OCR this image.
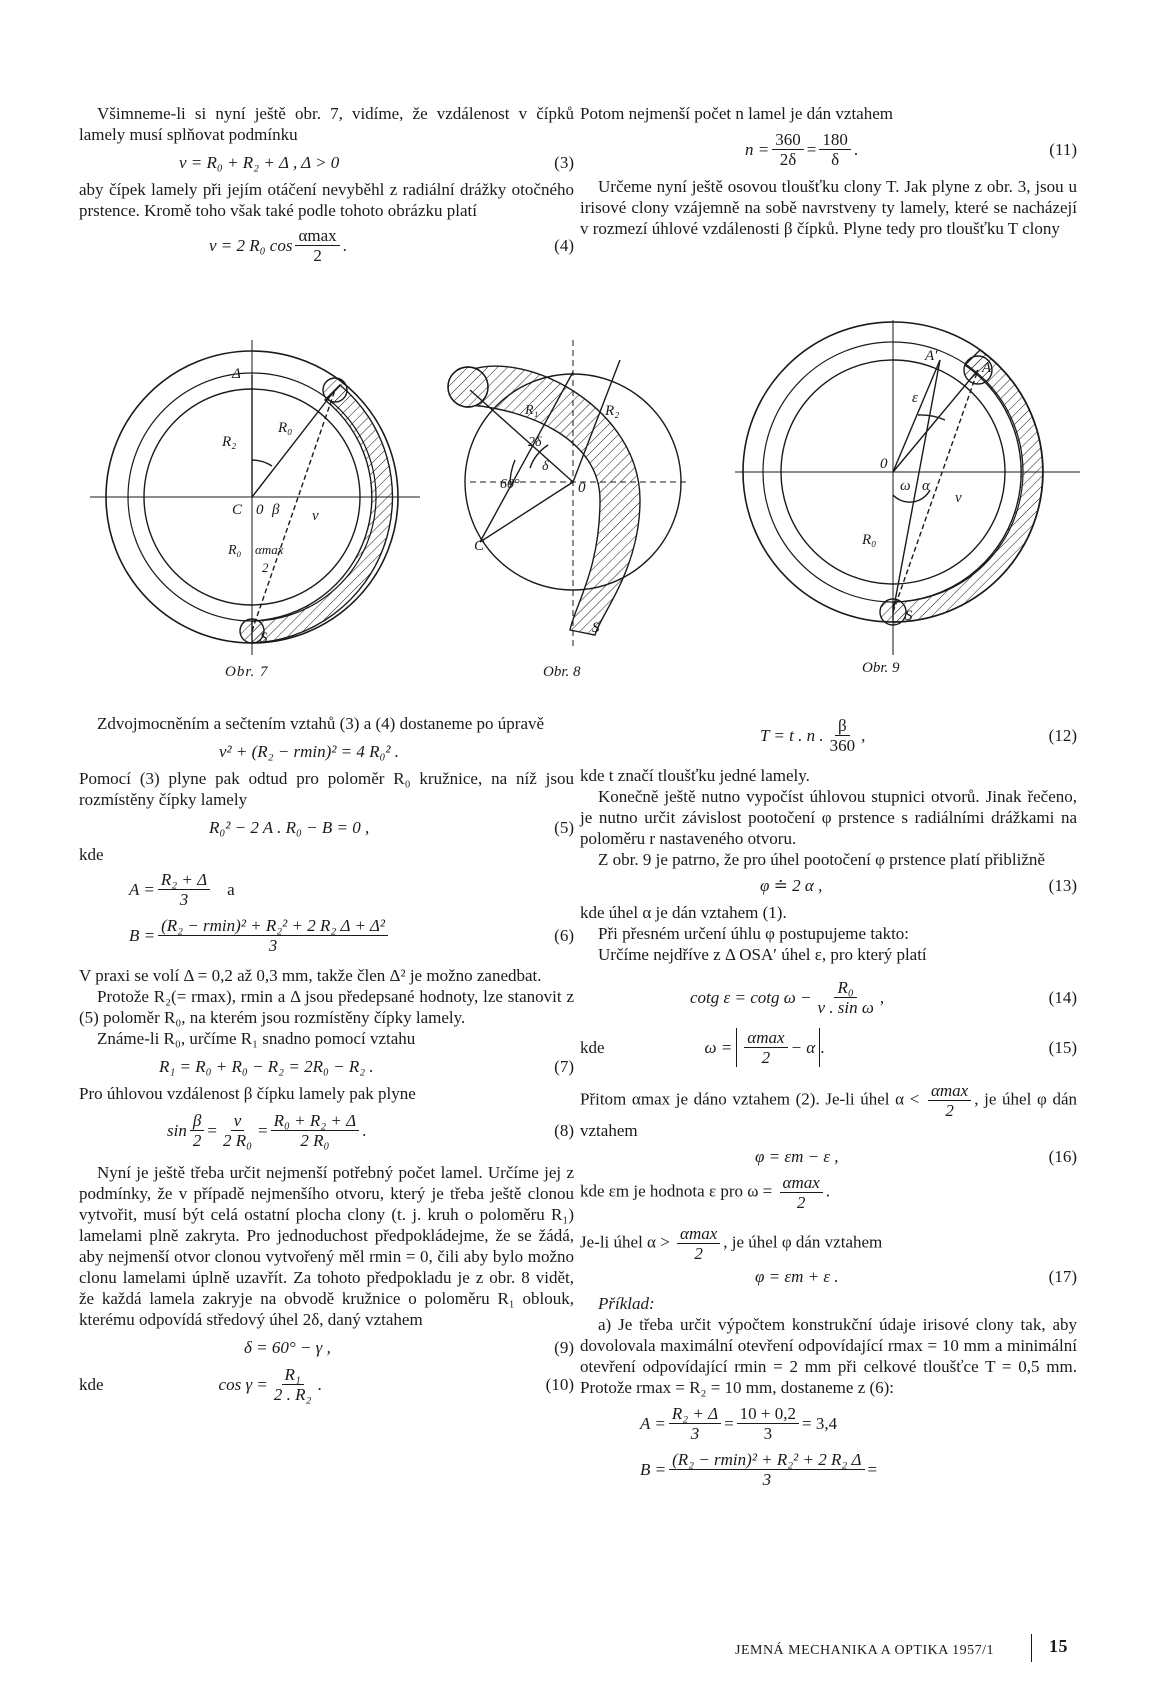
Všimneme-li si nyní ještě obr. 7, vidíme, že vzdálenost v čípků lamely musí splňovat podmínku

v = R₀ + R₂ + Δ , Δ > 0	(3)

aby čípek lamely při jejím otáčení nevyběhl z radiální drážky otočného prstence. Kromě toho však také podle tohoto obrázku platí

v = 2 R₀ $\cos \frac{\alpha\max}{2}$ .	(4)

Potom nejmenší počet n lamel je dán vztahem

$n = \frac{360}{2\delta} = \frac{180}{\delta}$ .	(11)

Určeme nyní ještě osovou tloušťku clony T. Jak plyne z obr. 3, jsou u irisové clony vzájemně na sobě navrstveny ty lamely, které se nacházejí v rozmezí úhlové vzdálenosti β čípků. Plyne tedy pro tloušťku T clony

Δ
R₂
R₀
C 0 β v
R₀ αmax
2
S
Obr. 7
R₁	R₂
2δ
δ
60°	0
C
S
Obr. 8
A′
A
ε
0
ω α
v
R₀
S
Obr. 9

Zdvojmocněním a sečtením vztahů (3) a (4) dostaneme po úpravě

v² + (R₂ − rmin)² = 4 R₀² .

Pomocí (3) plyne pak odtud pro poloměr R₀ kružnice, na níž jsou rozmístěny čípky lamely

R₀² − 2 A . R₀ − B = 0 ,	(5)

kde

$A = \frac{\text{R₂ + Δ}}{3}$ a
$B = \frac{\text{(R₂ − rmin)² + R₂² + 2 R₂ Δ + Δ²}}{3}$	(6)

V praxi se volí Δ = 0,2 až 0,3 mm, takže člen Δ² je možno zanedbat.

Protože R₂(= rmax), rmin a Δ jsou předepsané hodnoty, lze stanovit z (5) poloměr R₀, na kterém jsou rozmístěny čípky lamely.

Známe-li R₀, určíme R₁ snadno pomocí vztahu

R₁ = R₀ + R₀ − R₂ = 2R₀ − R₂ .	(7)

Pro úhlovou vzdálenost β čípku lamely pak plyne

$\sin \frac{\beta}{2} = \frac{v}{\text{2 R₀}} = \frac{\text{R₀ + R₂ + Δ}}{\text{2 R₀}}$ .	(8)

Nyní je ještě třeba určit nejmenší potřebný počet lamel. Určíme jej z podmínky, že v případě nejmenšího otvoru, který je třeba ještě clonou vytvořit, musí být celá ostatní plocha clony (t. j. kruh o poloměru R₁) lamelami plně zakryta. Pro jednoduchost předpokládejme, že se žádá, aby nejmenší otvor clonou vytvořený měl rmin = 0, čili aby bylo možno clonu lamelami úplně uzavřít. Za tohoto předpokladu je z obr. 8 vidět, že každá lamela zakryje na obvodě kružnice o poloměru R₁ oblouk, kterému odpovídá středový úhel 2δ, daný vztahem

δ = 60° − γ ,	(9)
kde	$\cos \gamma = \frac{\text{R₁}}{\text{2 . R₂}}$ .	(10)
T = t . n . $\frac{\beta}{360}$ ,	(12)

kde t značí tloušťku jedné lamely.

Konečně ještě nutno vypočíst úhlovou stupnici otvorů. Jinak řečeno, je nutno určit závislost pootočení φ prstence s radiálními drážkami na poloměru r nastaveného otvoru.

Z obr. 9 je patrno, že pro úhel pootočení φ prstence platí přibližně

φ ≐ 2 α ,	(13)

kde úhel α je dán vztahem (1).

Při přesném určení úhlu φ postupujeme takto:

Určíme nejdříve z Δ OSA′ úhel ε, pro který platí

cotg ε = cotg $\omega - \frac{\text{R₀}}{\text{v . sin ω}}$ ,	(14)
kde	$\omega = \frac{\alpha\max}{2} - \alpha$ .	(15)

Přitom αmax je dáno vztahem (2). Je-li úhel $\alpha < \frac{\alpha\max}{2}$ , je úhel φ dán vztahem

φ = εm − ε ,	(16)

kde εm je hodnota ε pro $\omega = \frac{\alpha\max}{2}$ .

Je-li úhel $\alpha > \frac{\alpha\max}{2}$ , je úhel φ dán vztahem

φ = εm + ε .	(17)

Příklad:

a) Je třeba určit výpočtem konstrukční údaje irisové clony tak, aby dovolovala maximální otevření odpovídající rmax = 10 mm a minimální otevření odpovídající rmin = 2 mm při celkové tloušťce T = 0,5 mm. Protože rmax = R₂ = 10 mm, dostaneme z (6):

$A = \frac{\text{R₂ + Δ}}{3} = \frac{10 + 0,2}{3} = 3,4$
$B = \frac{\text{(R₂ − rmin)² + R₂² + 2 R₂ Δ}}{3}$ =
JEMNÁ MECHANIKA A OPTIKA 1957/1	15
